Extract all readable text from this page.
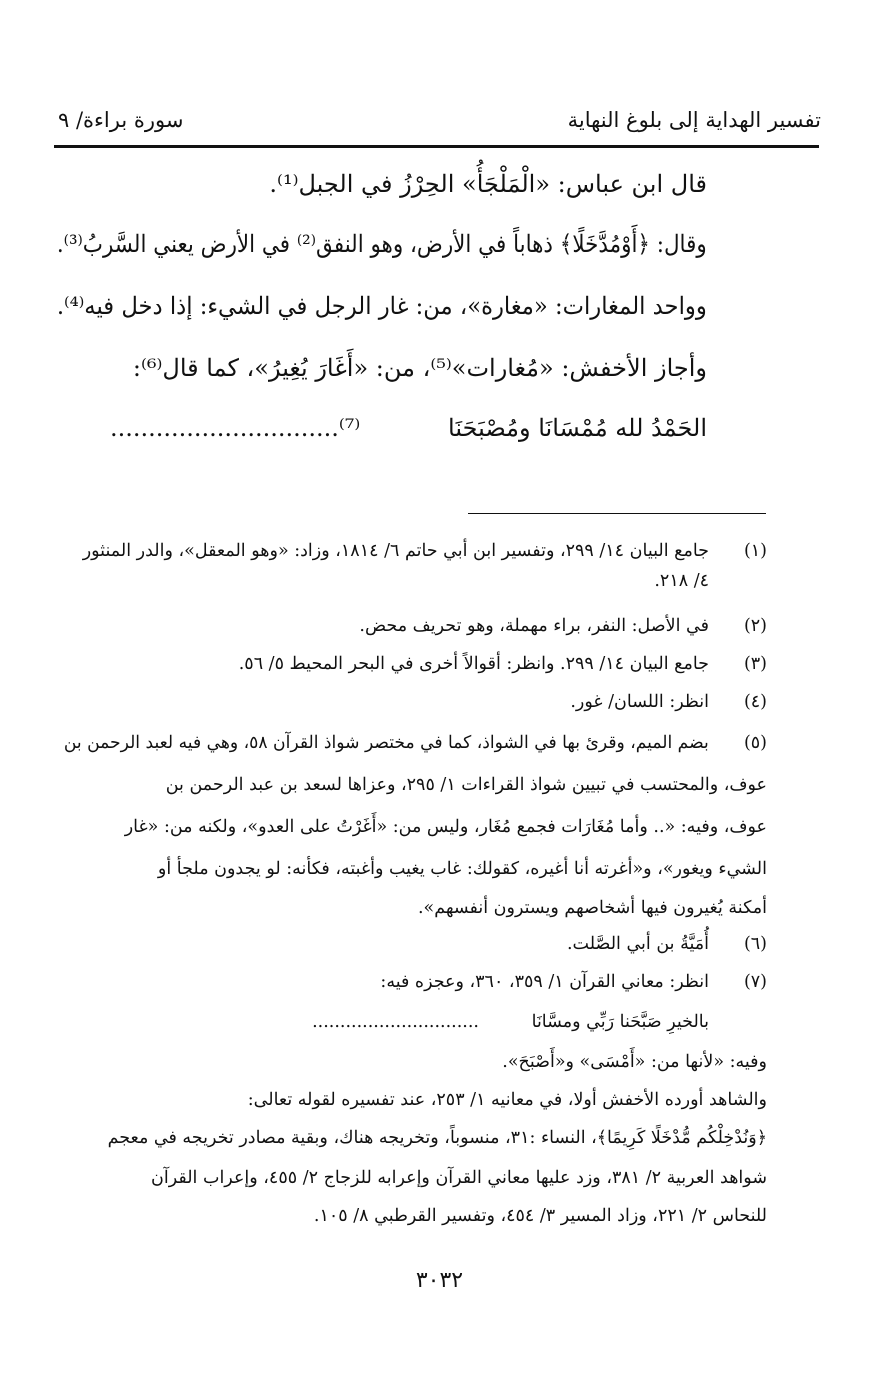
تفسير الهداية إلى بلوغ النهاية
سورة براءة/ ٩
قال ابن عباس: «الْمَلْجَأُ» الحِرْزُ في الجبل⁽¹⁾.
وقال: ﴿أَوْمُدَّخَلًا﴾ ذهاباً في الأرض، وهو النفق⁽²⁾ في الأرض يعني السَّربُ⁽³⁾.
وواحد المغارات: «مغارة»، من: غار الرجل في الشيء: إذا دخل فيه⁽⁴⁾.
وأجاز الأخفش: «مُغارات»⁽⁵⁾، من: «أَغَارَ يُغِيرُ»، كما قال⁽⁶⁾:
الحَمْدُ لله مُمْسَانَا ومُصْبَحَنَا
..............................⁽⁷⁾
(١)
جامع البيان ١٤/ ٢٩٩، وتفسير ابن أبي حاتم ٦/ ١٨١٤، وزاد: «وهو المعقل»، والدر المنثور
٤/ ٢١٨.
(٢)
في الأصل: النفر، براء مهملة، وهو تحريف محض.
(٣)
جامع البيان ١٤/ ٢٩٩. وانظر: أقوالاً أخرى في البحر المحيط ٥/ ٥٦.
(٤)
انظر: اللسان/ غور.
(٥)
بضم الميم، وقرئ بها في الشواذ، كما في مختصر شواذ القرآن ٥٨، وهي فيه لعبد الرحمن بن
عوف، والمحتسب في تبيين شواذ القراءات ١/ ٢٩٥، وعزاها لسعد بن عبد الرحمن بن
عوف، وفيه: «.. وأما مُغَارَات فجمع مُغَار، وليس من: «أَغَرْتُ على العدو»، ولكنه من: «غار
الشيء ويغور»، و«أغرته أنا أغيره، كقولك: غاب يغيب وأغبته، فكأنه: لو يجدون ملجأ أو
أمكنة يُغيرون فيها أشخاصهم ويسترون أنفسهم».
(٦)
أُمَيَّةُ بن أبي الصَّلت.
(٧)
انظر: معاني القرآن ١/ ٣٥٩، ٣٦٠، وعجزه فيه:
بالخيرِ صَبَّحَنا رَبِّي ومسَّانَا
..............................
وفيه: «لأنها من: «أَمْسَى» و«أَصْبَحَ».
والشاهد أورده الأخفش أولا، في معانيه ١/ ٢٥٣، عند تفسيره لقوله تعالى:
﴿وَنُدْخِلْكُم مُّدْخَلًا كَرِيمًا﴾، النساء :٣١، منسوباً، وتخريجه هناك، وبقية مصادر تخريجه في معجم
شواهد العربية ٢/ ٣٨١، وزد عليها معاني القرآن وإعرابه للزجاج ٢/ ٤٥٥، وإعراب القرآن
للنحاس ٢/ ٢٢١، وزاد المسير ٣/ ٤٥٤، وتفسير القرطبي ٨/ ١٠٥.
٣٠٣٢
